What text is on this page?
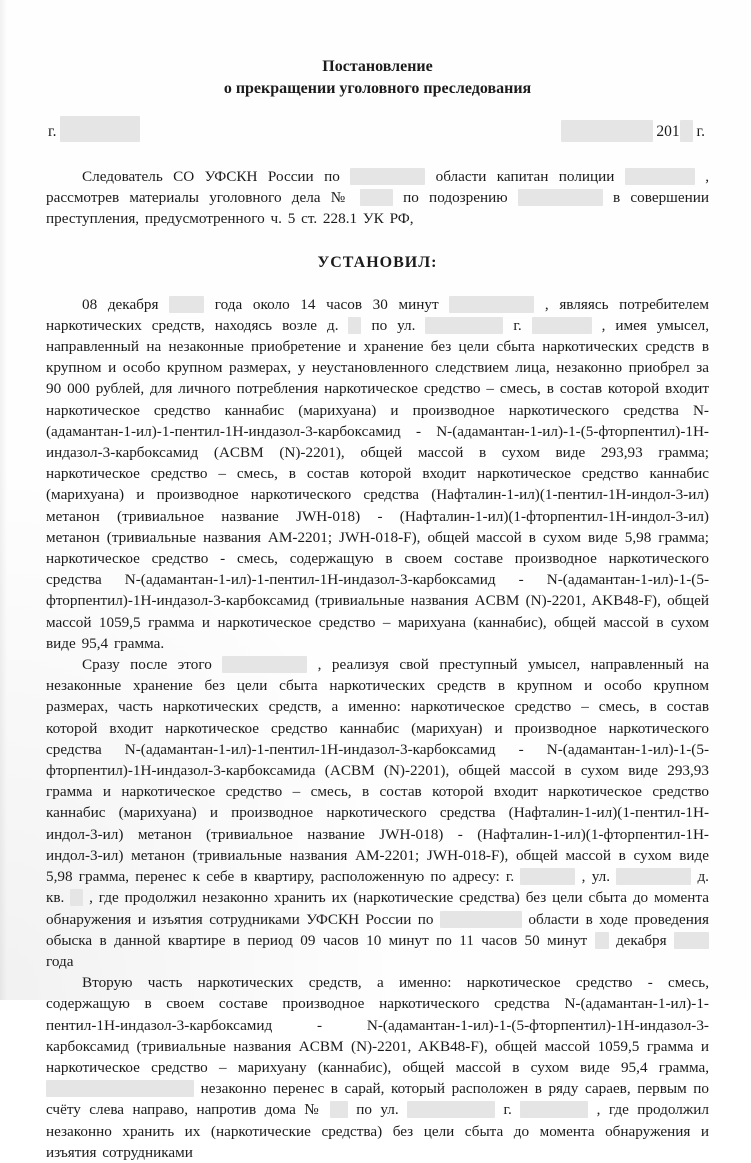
Постановление
о прекращении уголовного преследования
г.	201 г.

Следователь СО УФСКН России по	области капитан полиции	, рассмотрев материалы уголовного дела №  по подозрению	в совершении преступления, предусмотренного ч. 5 ст. 228.1 УК РФ,

УСТАНОВИЛ:

08 декабря  года около 14 часов 30 минут	, являясь потребителем наркотических средств, находясь возле д.  по ул.	г.	, имея умысел, направленный на незаконные приобретение и хранение без цели сбыта наркотических средств в крупном и особо крупном размерах, у неустановленного следствием лица, незаконно приобрел за 90 000 рублей, для личного потребления наркотическое средство – смесь, в состав которой входит наркотическое средство каннабис (марихуана) и производное наркотического средства N-(адамантан-1-ил)-1-пентил-1Н-индазол-3-карбоксамид - N-(адамантан-1-ил)-1-(5-фторпентил)-1Н-индазол-3-карбоксамид (ACBM (N)-2201), общей массой в сухом виде 293,93 грамма; наркотическое средство – смесь, в состав которой входит наркотическое средство каннабис (марихуана) и производное наркотического средства (Нафталин-1-ил)(1-пентил-1Н-индол-3-ил) метанон (тривиальное название JWH-018) - (Нафталин-1-ил)(1-фторпентил-1Н-индол-3-ил) метанон (тривиальные названия AM-2201; JWH-018-F), общей массой в сухом виде 5,98 грамма; наркотическое средство - смесь, содержащую в своем составе производное наркотического средства N-(адамантан-1-ил)-1-пентил-1Н-индазол-3-карбоксамид - N-(адамантан-1-ил)-1-(5-фторпентил)-1Н-индазол-3-карбоксамид (тривиальные названия ACBM (N)-2201, AKB48-F), общей массой 1059,5 грамма и наркотическое средство – марихуана (каннабис), общей массой в сухом виде 95,4 грамма.

Сразу после этого	, реализуя свой преступный умысел, направленный на незаконные хранение без цели сбыта наркотических средств в крупном и особо крупном размерах, часть наркотических средств, а именно: наркотическое средство – смесь, в состав которой входит наркотическое средство каннабис (марихуан) и производное наркотического средства N-(адамантан-1-ил)-1-пентил-1Н-индазол-3-карбоксамид - N-(адамантан-1-ил)-1-(5-фторпентил)-1Н-индазол-3-карбоксамида (ACBM (N)-2201), общей массой в сухом виде 293,93 грамма и наркотическое средство – смесь, в состав которой входит наркотическое средство каннабис (марихуана) и производное наркотического средства (Нафталин-1-ил)(1-пентил-1Н-индол-3-ил) метанон (тривиальное название JWH-018) - (Нафталин-1-ил)(1-фторпентил-1Н-индол-3-ил) метанон (тривиальные названия AM-2201; JWH-018-F), общей массой в сухом виде 5,98 грамма, перенес к себе в квартиру, расположенную по адресу: г.	, ул.	д. кв.  , где продолжил незаконно хранить их (наркотические средства) без цели сбыта до момента обнаружения и изъятия сотрудниками УФСКН России по	области в ходе проведения обыска в данной квартире в период 09 часов 10 минут по 11 часов 50 минут  декабря  года

Вторую часть наркотических средств, а именно: наркотическое средство - смесь, содержащую в своем составе производное наркотического средства N-(адамантан-1-ил)-1-пентил-1Н-индазол-3-карбоксамид - N-(адамантан-1-ил)-1-(5-фторпентил)-1Н-индазол-3-карбоксамид (тривиальные названия ACBM (N)-2201, AKB48-F), общей массой 1059,5 грамма и наркотическое средство – марихуану (каннабис), общей массой в сухом виде 95,4 грамма,  незаконно перенес в сарай, который расположен в ряду сараев, первым по счёту слева направо, напротив дома №  по ул.	г.	, где продолжил незаконно хранить их (наркотические средства) без цели сбыта до момента обнаружения и изъятия сотрудниками
